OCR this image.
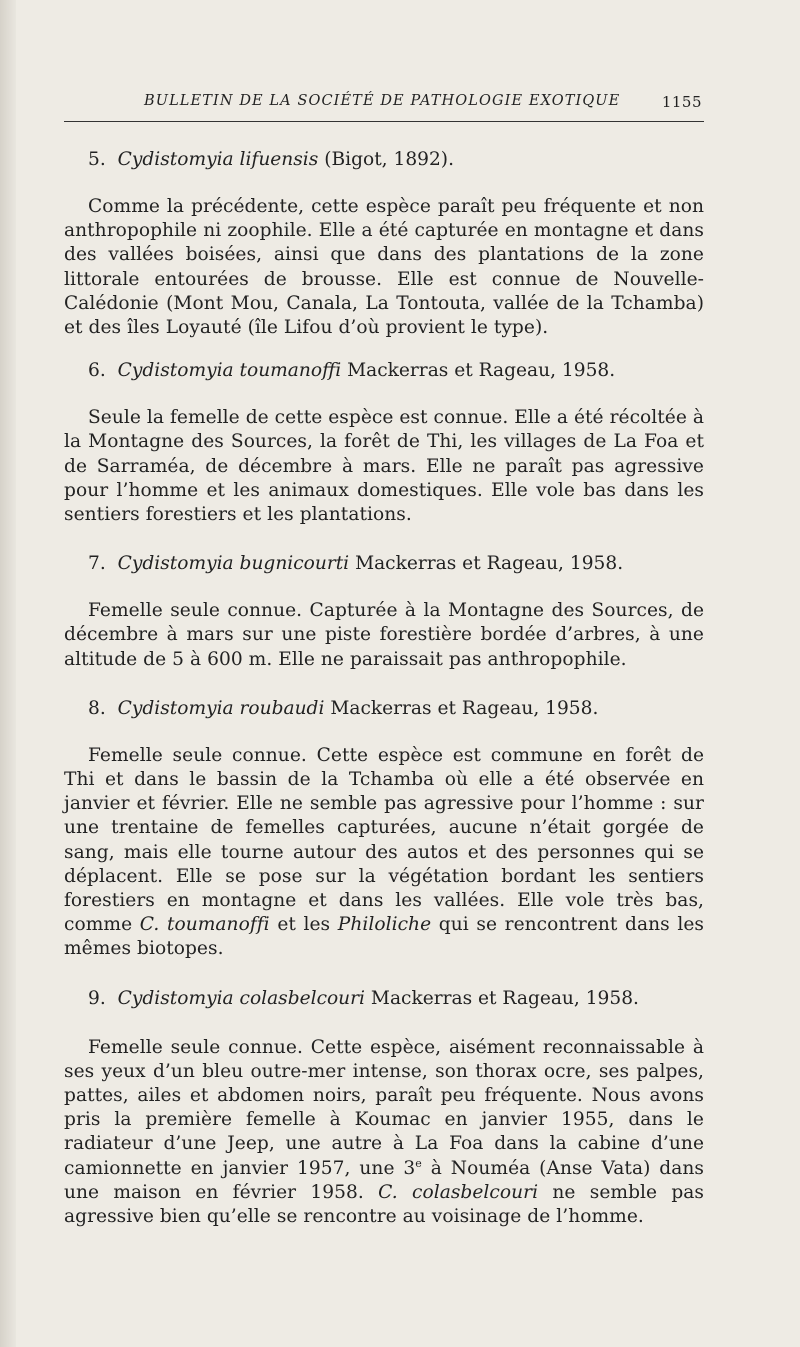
BULLETIN DE LA SOCIÉTÉ DE PATHOLOGIE EXOTIQUE	1155
5. Cydistomyia lifuensis (Bigot, 1892).

Comme la précédente, cette espèce paraît peu fréquente et non anthropophile ni zoophile. Elle a été capturée en montagne et dans des vallées boisées, ainsi que dans des plantations de la zone littorale entourées de brousse. Elle est connue de Nouvelle-Calédonie (Mont Mou, Canala, La Tontouta, vallée de la Tchamba) et des îles Loyauté (île Lifou d’où provient le type).

6. Cydistomyia toumanoffi Mackerras et Rageau, 1958.

Seule la femelle de cette espèce est connue. Elle a été récoltée à la Montagne des Sources, la forêt de Thi, les villages de La Foa et de Sarraméa, de décembre à mars. Elle ne paraît pas agressive pour l’homme et les animaux domestiques. Elle vole bas dans les sentiers forestiers et les plantations.

7. Cydistomyia bugnicourti Mackerras et Rageau, 1958.

Femelle seule connue. Capturée à la Montagne des Sources, de décembre à mars sur une piste forestière bordée d’arbres, à une altitude de 5 à 600 m. Elle ne paraissait pas anthropophile.

8. Cydistomyia roubaudi Mackerras et Rageau, 1958.

Femelle seule connue. Cette espèce est commune en forêt de Thi et dans le bassin de la Tchamba où elle a été observée en janvier et février. Elle ne semble pas agressive pour l’homme : sur une trentaine de femelles capturées, aucune n’était gorgée de sang, mais elle tourne autour des autos et des personnes qui se déplacent. Elle se pose sur la végétation bordant les sentiers forestiers en montagne et dans les vallées. Elle vole très bas, comme C. toumanoffi et les Philoliche qui se rencontrent dans les mêmes biotopes.

9. Cydistomyia colasbelcouri Mackerras et Rageau, 1958.

Femelle seule connue. Cette espèce, aisément reconnaissable à ses yeux d’un bleu outre-mer intense, son thorax ocre, ses palpes, pattes, ailes et abdomen noirs, paraît peu fréquente. Nous avons pris la première femelle à Koumac en janvier 1955, dans le radiateur d’une Jeep, une autre à La Foa dans la cabine d’une camionnette en janvier 1957, une 3e à Nouméa (Anse Vata) dans une maison en février 1958. C. colasbelcouri ne semble pas agressive bien qu’elle se rencontre au voisinage de l’homme.
